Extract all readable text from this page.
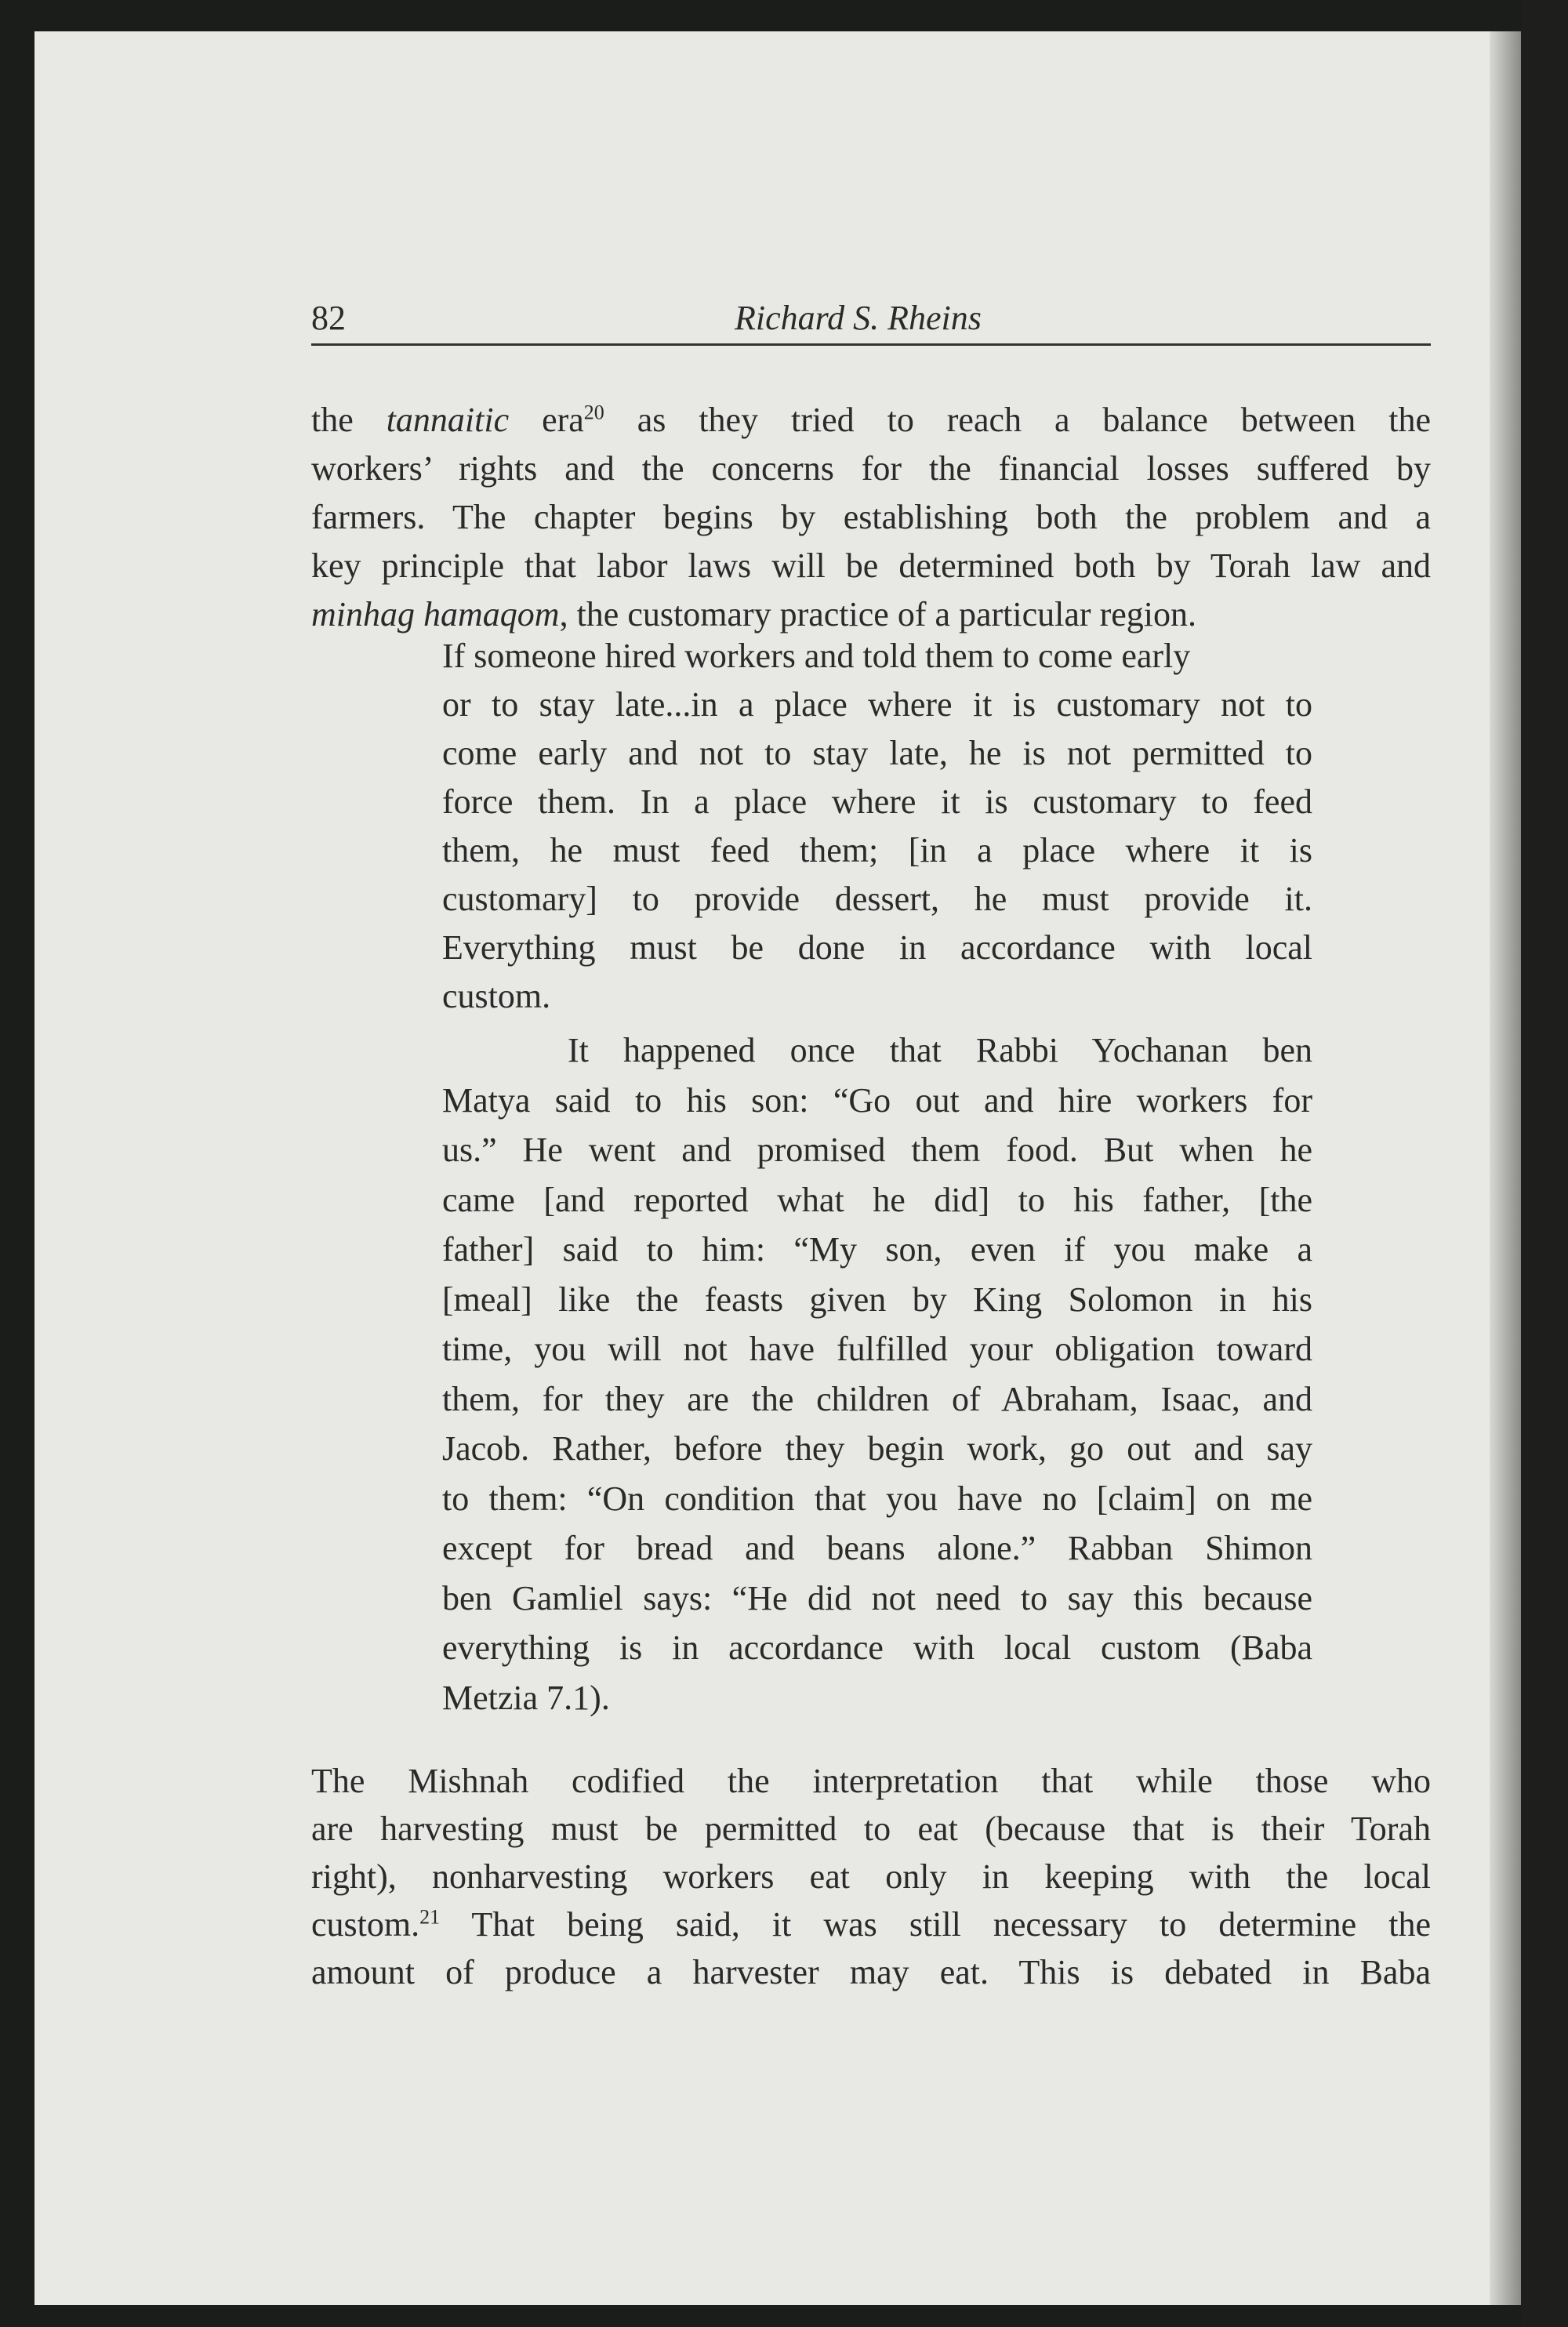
82	Richard S. Rheins
the tannaitic era$^{20}$ as they tried to reach a balance between the
workers’ rights and the concerns for the financial losses suffered by
farmers. The chapter begins by establishing both the problem and a
key principle that labor laws will be determined both by Torah law and
minhag hamaqom, the customary practice of a particular region.
If someone hired workers and told them to come early
or to stay late...in a place where it is customary not to
come early and not to stay late, he is not permitted to
force them. In a place where it is customary to feed
them, he must feed them; [in a place where it is
customary] to provide dessert, he must provide it.
Everything must be done in accordance with local
custom.
It happened once that Rabbi Yochanan ben
Matya said to his son: “Go out and hire workers for
us.” He went and promised them food. But when he
came [and reported what he did] to his father, [the
father] said to him: “My son, even if you make a
[meal] like the feasts given by King Solomon in his
time, you will not have fulfilled your obligation toward
them, for they are the children of Abraham, Isaac, and
Jacob. Rather, before they begin work, go out and say
to them: “On condition that you have no [claim] on me
except for bread and beans alone.” Rabban Shimon
ben Gamliel says: “He did not need to say this because
everything is in accordance with local custom (Baba
Metzia 7.1).
The Mishnah codified the interpretation that while those who
are harvesting must be permitted to eat (because that is their Torah
right), nonharvesting workers eat only in keeping with the local
custom.$^{21}$ That being said, it was still necessary to determine the
amount of produce a harvester may eat. This is debated in Baba
